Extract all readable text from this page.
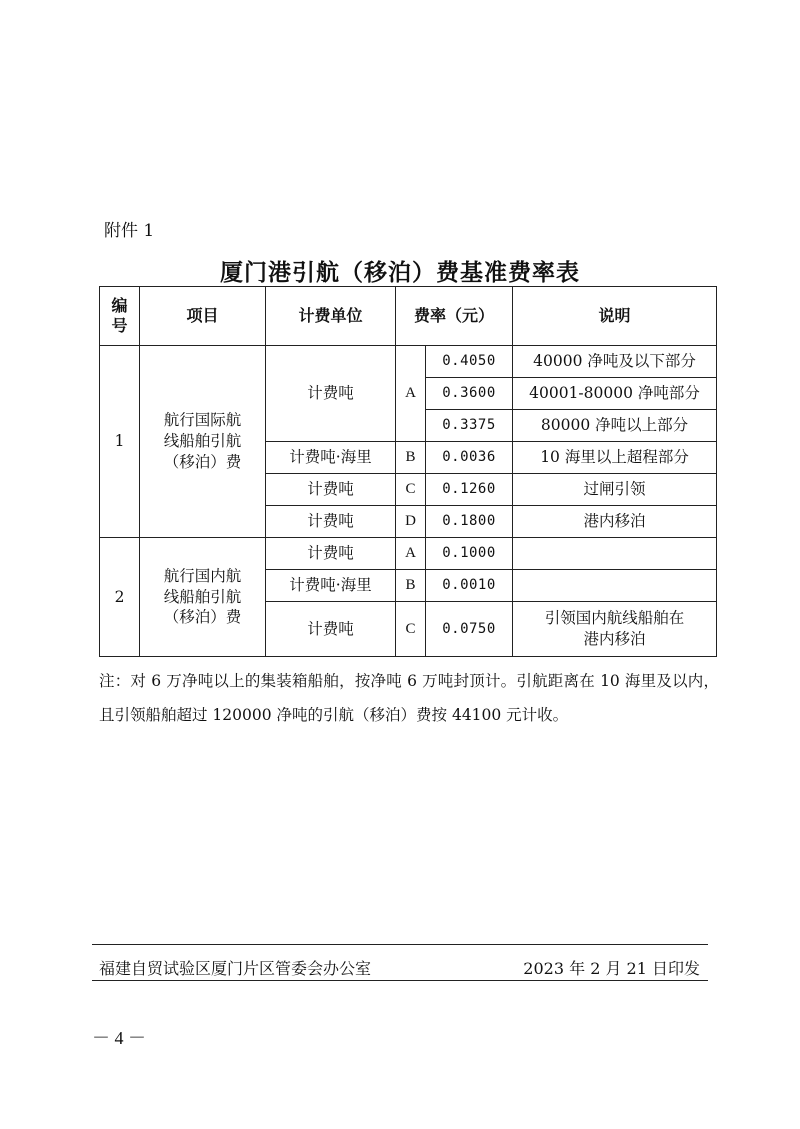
附件 1
厦门港引航（移泊）费基准费率表
编
号	项目	计费单位	费率（元）		说明
1	航行国际航
线船舶引航
（移泊）费	计费吨	A	0.4050	40000 净吨及以下部分
				0.3600	40001-80000 净吨部分
				0.3375	80000 净吨以上部分
		计费吨·海里	B	0.0036	10 海里以上超程部分
		计费吨	C	0.1260	过闸引领
		计费吨	D	0.1800	港内移泊
2	航行国内航
线船舶引航
（移泊）费	计费吨	A	0.1000	
		计费吨·海里	B	0.0010	
		计费吨	C	0.0750	引领国内航线船舶在
港内移泊
注：对 6 万净吨以上的集装箱船舶，按净吨 6 万吨封顶计。引航距离在 10 海里及以内，且引领船舶超过 120000 净吨的引航（移泊）费按 44100 元计收。
福建自贸试验区厦门片区管委会办公室	2023 年 2 月 21 日印发
－ 4 －
